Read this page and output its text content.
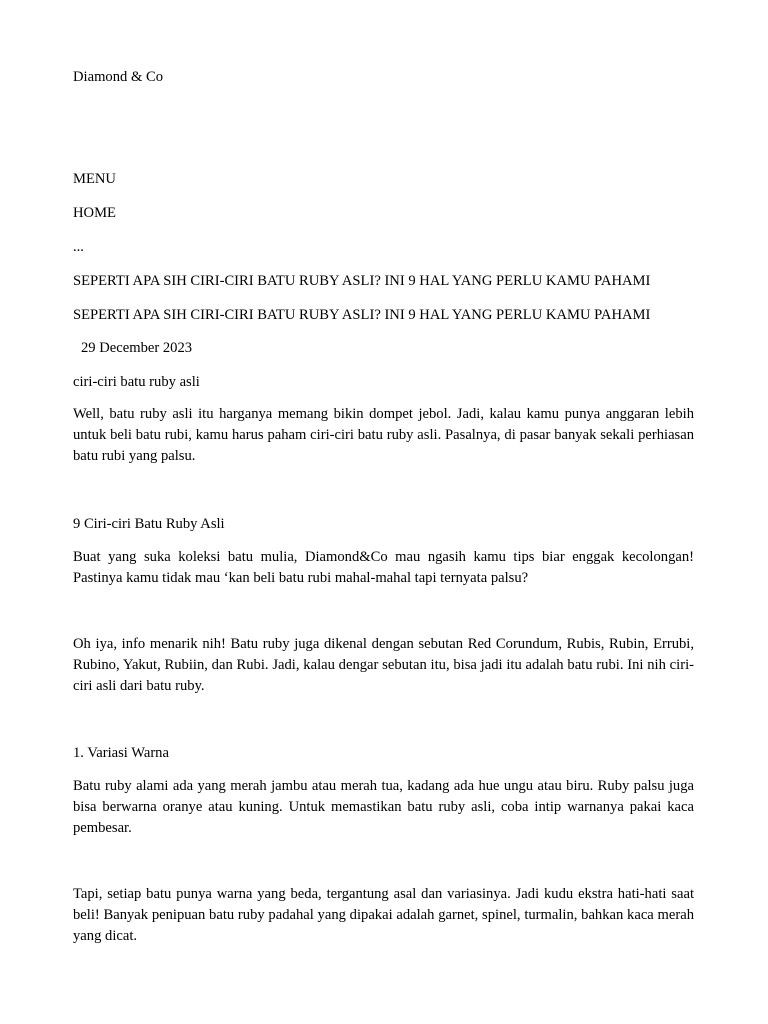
Diamond & Co
MENU
HOME
...
SEPERTI APA SIH CIRI-CIRI BATU RUBY ASLI? INI 9 HAL YANG PERLU KAMU PAHAMI
SEPERTI APA SIH CIRI-CIRI BATU RUBY ASLI? INI 9 HAL YANG PERLU KAMU PAHAMI
29 December 2023
ciri-ciri batu ruby asli
Well, batu ruby asli itu harganya memang bikin dompet jebol. Jadi, kalau kamu punya anggaran lebih untuk beli batu rubi, kamu harus paham ciri-ciri batu ruby asli. Pasalnya, di pasar banyak sekali perhiasan batu rubi yang palsu.
9 Ciri-ciri Batu Ruby Asli
Buat yang suka koleksi batu mulia, Diamond&Co mau ngasih kamu tips biar enggak kecolongan! Pastinya kamu tidak mau ‘kan beli batu rubi mahal-mahal tapi ternyata palsu?
Oh iya, info menarik nih! Batu ruby juga dikenal dengan sebutan Red Corundum, Rubis, Rubin, Errubi, Rubino, Yakut, Rubiin, dan Rubi. Jadi, kalau dengar sebutan itu, bisa jadi itu adalah batu rubi. Ini nih ciri-ciri asli dari batu ruby.
1. Variasi Warna
Batu ruby alami ada yang merah jambu atau merah tua, kadang ada hue ungu atau biru. Ruby palsu juga bisa berwarna oranye atau kuning. Untuk memastikan batu ruby asli, coba intip warnanya pakai kaca pembesar.
Tapi, setiap batu punya warna yang beda, tergantung asal dan variasinya. Jadi kudu ekstra hati-hati saat beli! Banyak penipuan batu ruby padahal yang dipakai adalah garnet, spinel, turmalin, bahkan kaca merah yang dicat.
